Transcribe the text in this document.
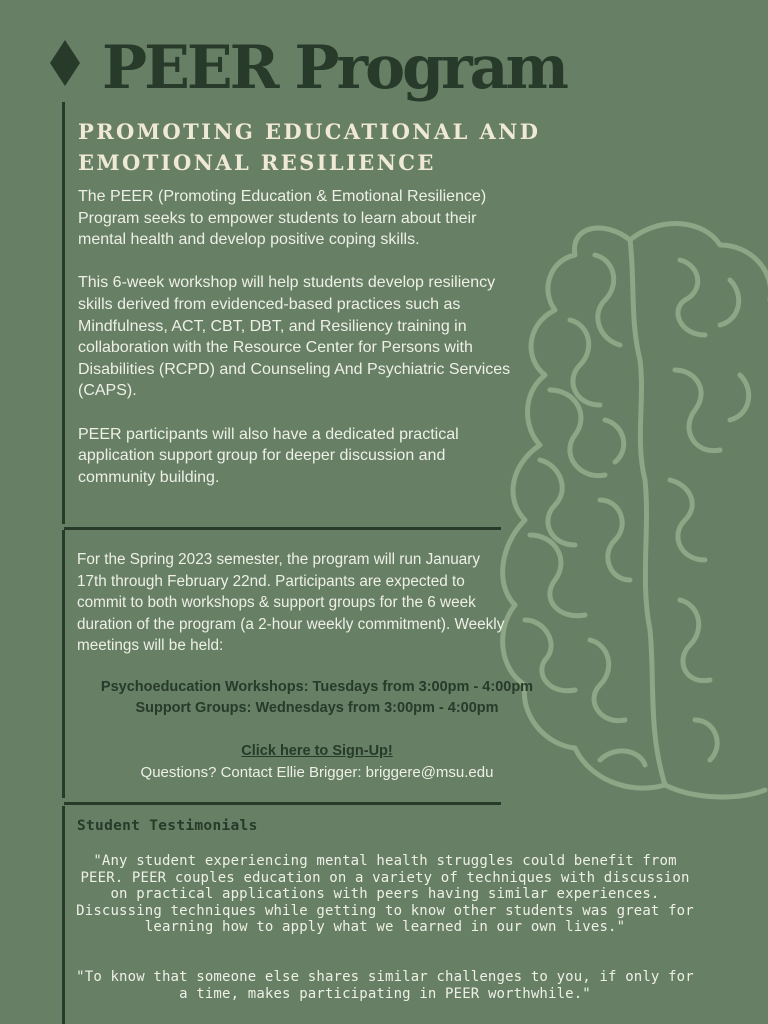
PEER Program
PROMOTING EDUCATIONAL AND
EMOTIONAL RESILIENCE

The PEER (Promoting Education & Emotional Resilience) Program seeks to empower students to learn about their mental health and develop positive coping skills.

This 6-week workshop will help students develop resiliency skills derived from evidenced-based practices such as Mindfulness, ACT, CBT, DBT, and Resiliency training in collaboration with the Resource Center for Persons with Disabilities (RCPD) and Counseling And Psychiatric Services (CAPS).

PEER participants will also have a dedicated practical application support group for deeper discussion and community building.

For the Spring 2023 semester, the program will run January 17th through February 22nd. Participants are expected to commit to both workshops & support groups for the 6 week duration of the program (a 2-hour weekly commitment). Weekly meetings will be held:

Psychoeducation Workshops: Tuesdays from 3:00pm - 4:00pm
Support Groups: Wednesdays from 3:00pm - 4:00pm
Click here to Sign-Up!
Questions? Contact Ellie Brigger: briggere@msu.edu
Student Testimonials

"Any student experiencing mental health struggles could benefit from PEER. PEER couples education on a variety of techniques with discussion on practical applications with peers having similar experiences. Discussing techniques while getting to know other students was great for learning how to apply what we learned in our own lives."

"To know that someone else shares similar challenges to you, if only for a time, makes participating in PEER worthwhile."
